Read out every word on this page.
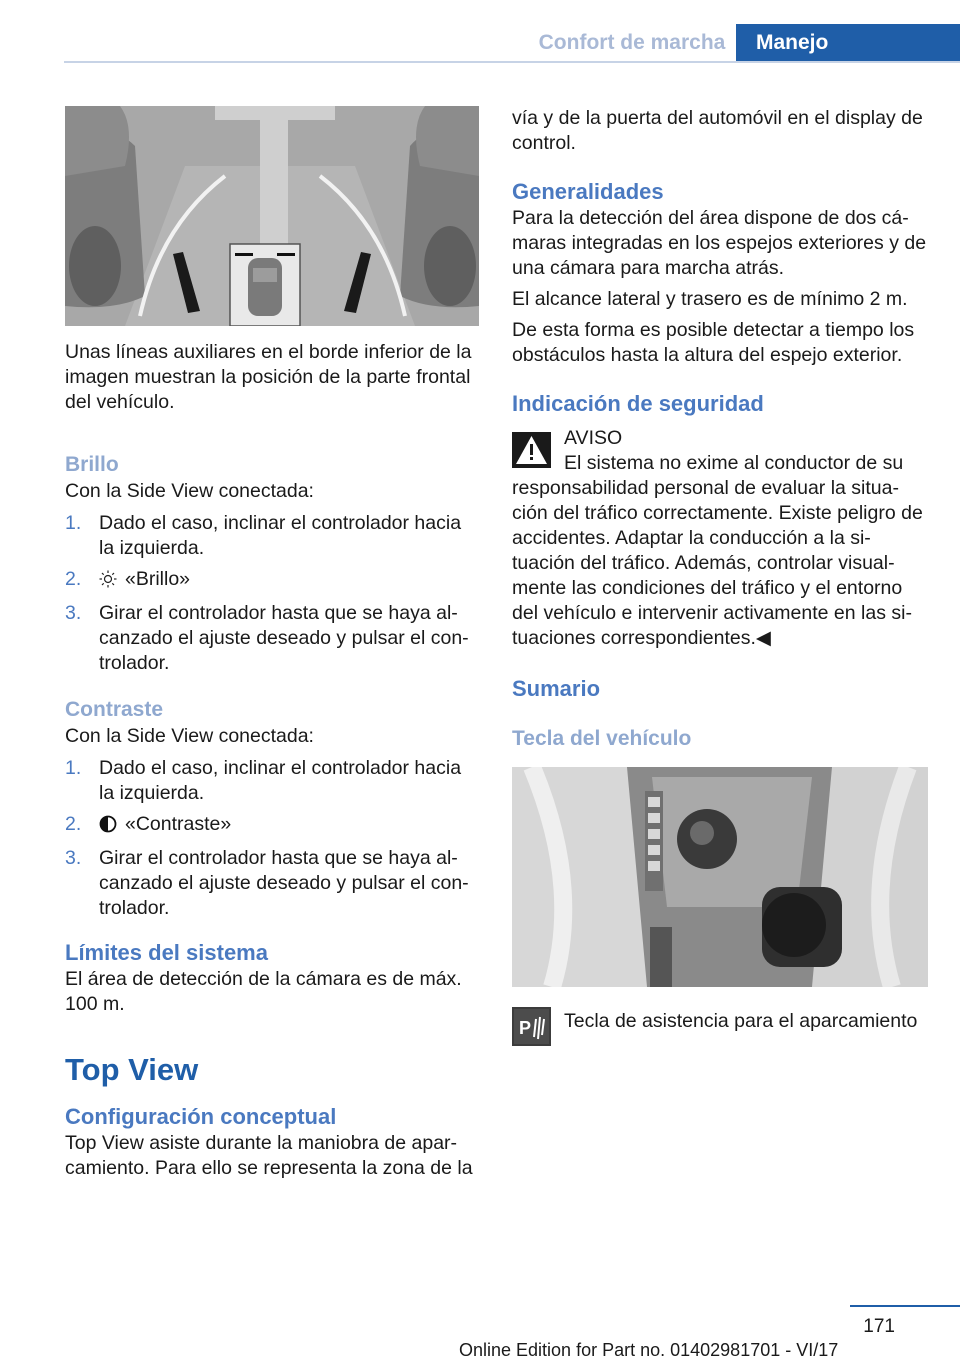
Confort de marcha	Manejo

Unas líneas auxiliares en el borde inferior de la imagen muestran la posición de la parte frontal del vehículo.

Brillo

Con la Side View conectada:

1. Dado el caso, inclinar el controlador hacia la izquierda.
2. «Brillo»
3. Girar el controlador hasta que se haya al-canzado el ajuste deseado y pulsar el con-trolador.
Contraste

Con la Side View conectada:

1. Dado el caso, inclinar el controlador hacia la izquierda.
2. «Contraste»
3. Girar el controlador hasta que se haya al-canzado el ajuste deseado y pulsar el con-trolador.
Límites del sistema

El área de detección de la cámara es de máx. 100 m.

Top View
Configuración conceptual

Top View asiste durante la maniobra de apar-camiento. Para ello se representa la zona de la

vía y de la puerta del automóvil en el display de control.

Generalidades

Para la detección del área dispone de dos cá-maras integradas en los espejos exteriores y de una cámara para marcha atrás.

El alcance lateral y trasero es de mínimo 2 m.

De esta forma es posible detectar a tiempo los obstáculos hasta la altura del espejo exterior.

Indicación de seguridad

AVISO

El sistema no exime al conductor de su responsabilidad personal de evaluar la situa-ción del tráfico correctamente. Existe peligro de accidentes. Adaptar la conducción a la si-tuación del tráfico. Además, controlar visual-mente las condiciones del tráfico y el entorno del vehículo e intervenir activamente en las si-tuaciones correspondientes.◀

Sumario
Tecla del vehículo
P	Tecla de asistencia para el aparcamiento

171
Online Edition for Part no. 01402981701 - VI/17
